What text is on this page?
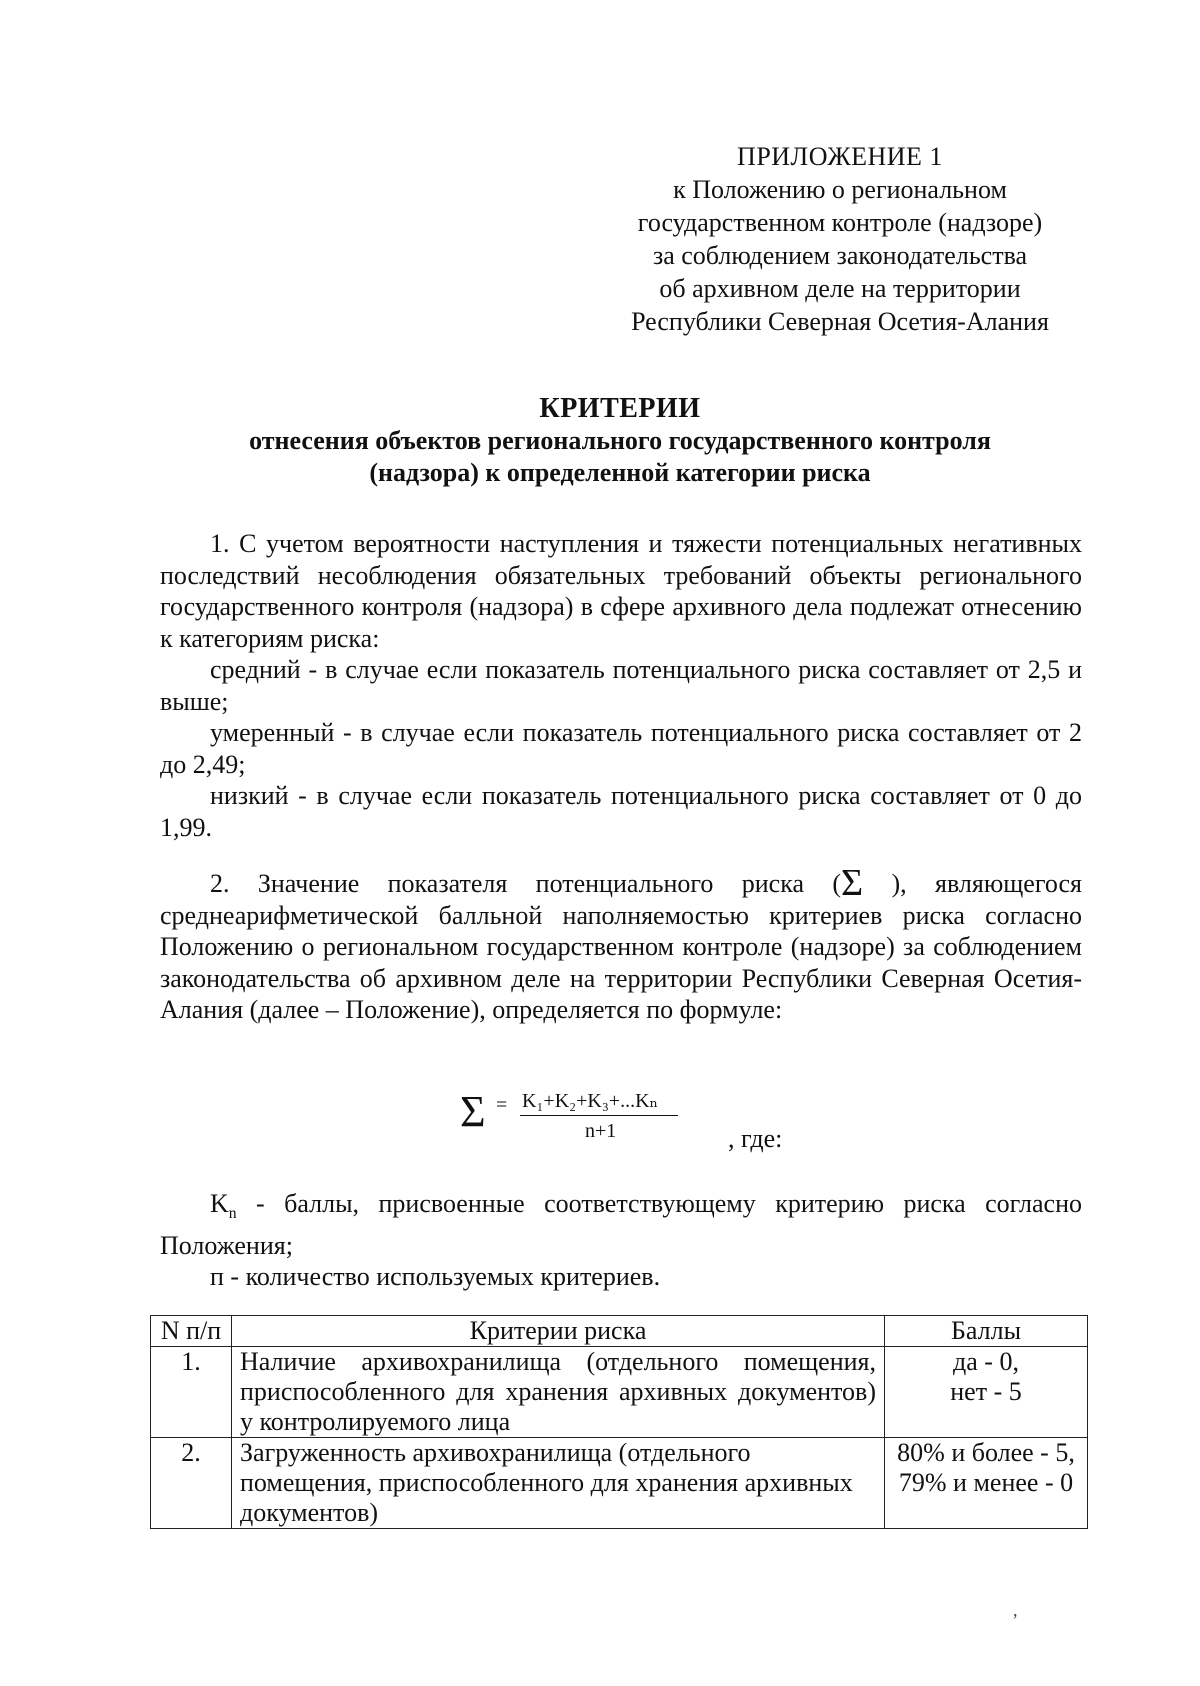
ПРИЛОЖЕНИЕ 1
к Положению о региональном
государственном контроле (надзоре)
за соблюдением законодательства
об архивном деле на территории
Республики Северная Осетия-Алания
КРИТЕРИИ
отнесения объектов регионального государственного контроля
(надзора) к определенной категории риска
1. С учетом вероятности наступления и тяжести потенциальных негативных последствий несоблюдения обязательных требований объекты регионального государственного контроля (надзора) в сфере архивного дела подлежат отнесению к категориям риска:
средний - в случае если показатель потенциального риска составляет от 2,5 и выше;
умеренный - в случае если показатель потенциального риска составляет от 2 до 2,49;
низкий - в случае если показатель потенциального риска составляет от 0 до 1,99.
2. Значение показателя потенциального риска (Σ ), являющегося среднеарифметической балльной наполняемостью критериев риска согласно Положению о региональном государственном контроле (надзоре) за соблюдением законодательства об архивном деле на территории Республики Северная Осетия-Алания (далее – Положение), определяется по формуле:
Σ = K₁+K₂+K₃+...Kₙ
n+1	, где:
$K_n$ - баллы, присвоенные соответствующему критерию риска согласно Положения;
п - количество используемых критериев.
N п/п	Критерии риска	Баллы
1.	Наличие архивохранилища (отдельного помещения, приспособленного для хранения архивных документов) у контролируемого лица	да - 0,
нет - 5

2.	Загруженность архивохранилища (отдельного помещения, приспособленного для хранения архивных документов)	80% и более - 5,
79% и менее - 0
,
